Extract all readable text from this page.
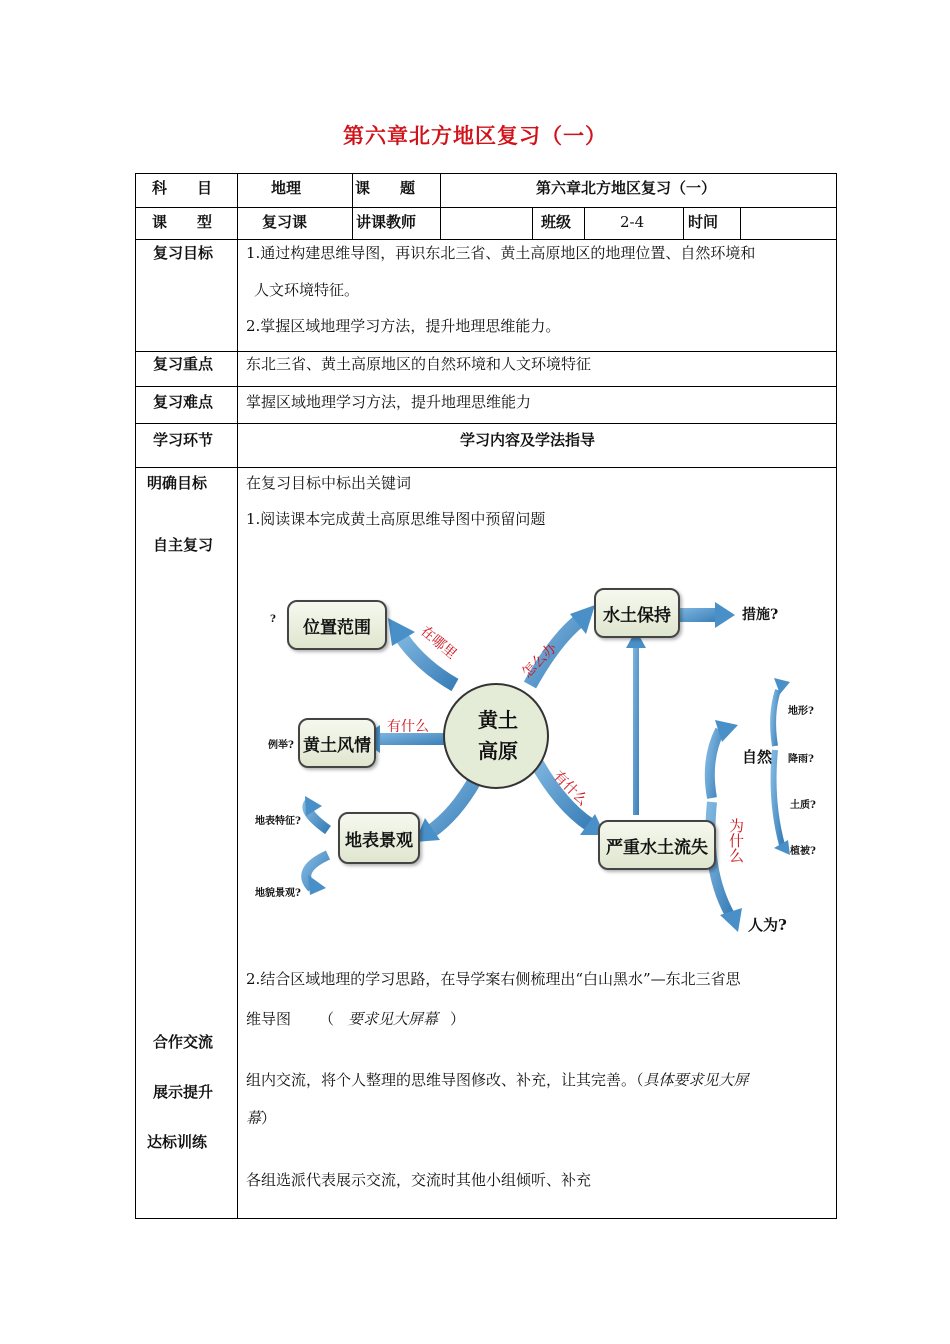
第六章北方地区复习（一）
科　　目	地理	课　　题	第六章北方地区复习（一）
课　　型	复习课	讲课教师	班级	2-4	时间
复习目标 1.通过构建思维导图，再识东北三省、黄土高原地区的地理位置、自然环境和
人文环境特征。
2.掌握区域地理学习方法，提升地理思维能力。
复习重点 东北三省、黄土高原地区的自然环境和人文环境特征
复习难点 掌握区域地理学习方法，提升地理思维能力
学习环节	学习内容及学法指导
明确目标
自主复习
合作交流
展示提升
达标训练
在复习目标中标出关键词
1.阅读课本完成黄土高原思维导图中预留问题
2.结合区域地理的学习思路，在导学案右侧梳理出“白山黑水”—东北三省思
维导图 （ 要求见大屏幕 ）
组内交流，将个人整理的思维导图修改、补充，让其完善。（具体要求见大屏
幕）
各组选派代表展示交流，交流时其他小组倾听、补充
黄土
高原
位置范围
?
黄土风情
例举?
地表景观
地表特征?
地貌景观?
水土保持	措施?
严重水土流失
自然
人为?
地形?
降雨?
土质?
植被?
在哪里	怎么办
有什么
有什么
为什么
